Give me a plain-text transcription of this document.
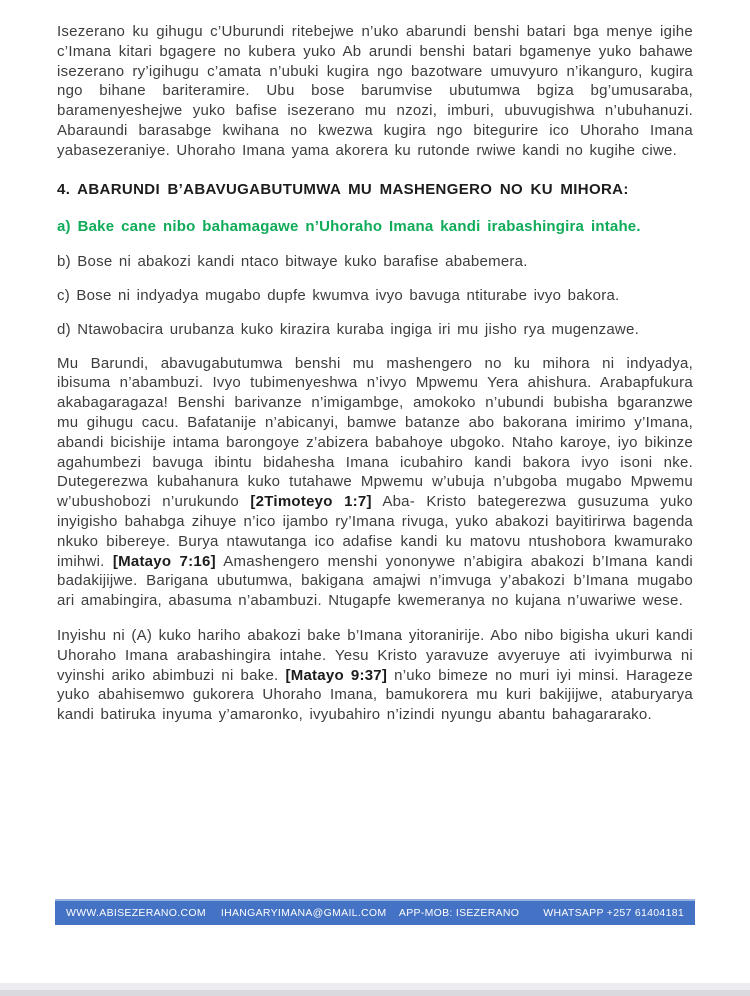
Isezerano ku gihugu c’Uburundi ritebejwe n’uko abarundi benshi batari bga menye igihe c’Imana kitari bgagere no kubera yuko Ab arundi benshi batari bgamenye yuko bahawe isezerano ry’igihugu c’amata n’ubuki kugira ngo bazotware umuvyuro n’ikanguro, kugira ngo bihane bariteramire. Ubu bose barumvise ubutumwa bgiza bg’umusaraba, baramenyeshejwe yuko bafise isezerano mu nzozi, imburi, ubuvugishwa n’ubuhanuzi. Abaraundi barasabge kwihana no kwezwa kugira ngo bitegurire ico Uhoraho Imana yabasezeraniye. Uhoraho Imana yama akorera ku rutonde rwiwe kandi no kugihe ciwe.

4. ABARUNDI B’ABAVUGABUTUMWA MU MASHENGERO NO KU MIHORA:

a) Bake cane nibo bahamagawe n’Uhoraho Imana kandi irabashingira intahe.

b) Bose ni abakozi kandi ntaco bitwaye kuko barafise ababemera.

c) Bose ni indyadya mugabo dupfe kwumva ivyo bavuga ntiturabe ivyo bakora.

d) Ntawobacira urubanza kuko kirazira kuraba ingiga iri mu jisho rya mugenzawe.

Mu Barundi, abavugabutumwa benshi mu mashengero no ku mihora ni indyadya, ibisuma n’abambuzi. Ivyo tubimenyeshwa n’ivyo Mpwemu Yera ahishura. Arabapfukura akabagaragaza! Benshi barivanze n’imigambge, amokoko n’ubundi bubisha bgaranzwe mu gihugu cacu. Bafatanije n’abicanyi, bamwe batanze abo bakorana imirimo y’Imana, abandi bicishije intama barongoye z’abizera babahoye ubgoko. Ntaho karoye, iyo bikinze agahumbezi bavuga ibintu bidahesha Imana icubahiro kandi bakora ivyo isoni nke. Dutegerezwa kubahanura kuko tutahawe Mpwemu w’ubuja n’ubgoba mugabo Mpwemu w’ubushobozi n’urukundo [2Timoteyo 1:7] Aba- Kristo bategerezwa gusuzuma yuko inyigisho bahabga zihuye n’ico ijambo ry’Imana rivuga, yuko abakozi bayitirirwa bagenda nkuko bibereye. Burya ntawutanga ico adafise kandi ku matovu ntushobora kwamurako imihwi. [Matayo 7:16] Amashengero menshi yononywe n’abigira abakozi b’Imana kandi badakijijwe. Barigana ubutumwa, bakigana amajwi n’imvuga y’abakozi b’Imana mugabo ari amabingira, abasuma n’abambuzi. Ntugapfe kwemeranya no kujana n’uwariwe wese.

Inyishu ni (A) kuko hariho abakozi bake b’Imana yitoranirije. Abo nibo bigisha ukuri kandi Uhoraho Imana arabashingira intahe. Yesu Kristo yaravuze avyeruye ati ivyimburwa ni vyinshi ariko abimbuzi ni bake. [Matayo 9:37] n’uko bimeze no muri iyi minsi. Harageze yuko abahisemwo gukorera Uhoraho Imana, bamukorera mu kuri bakijijwe, ataburyarya kandi batiruka inyuma y’amaronko, ivyubahiro n’izindi nyungu abantu bahagararako.

WWW.ABISEZERANO.COM IHANGARYIMANA@GMAIL.COM APP-MOB: ISEZERANO WHATSAPP +257 61404181
